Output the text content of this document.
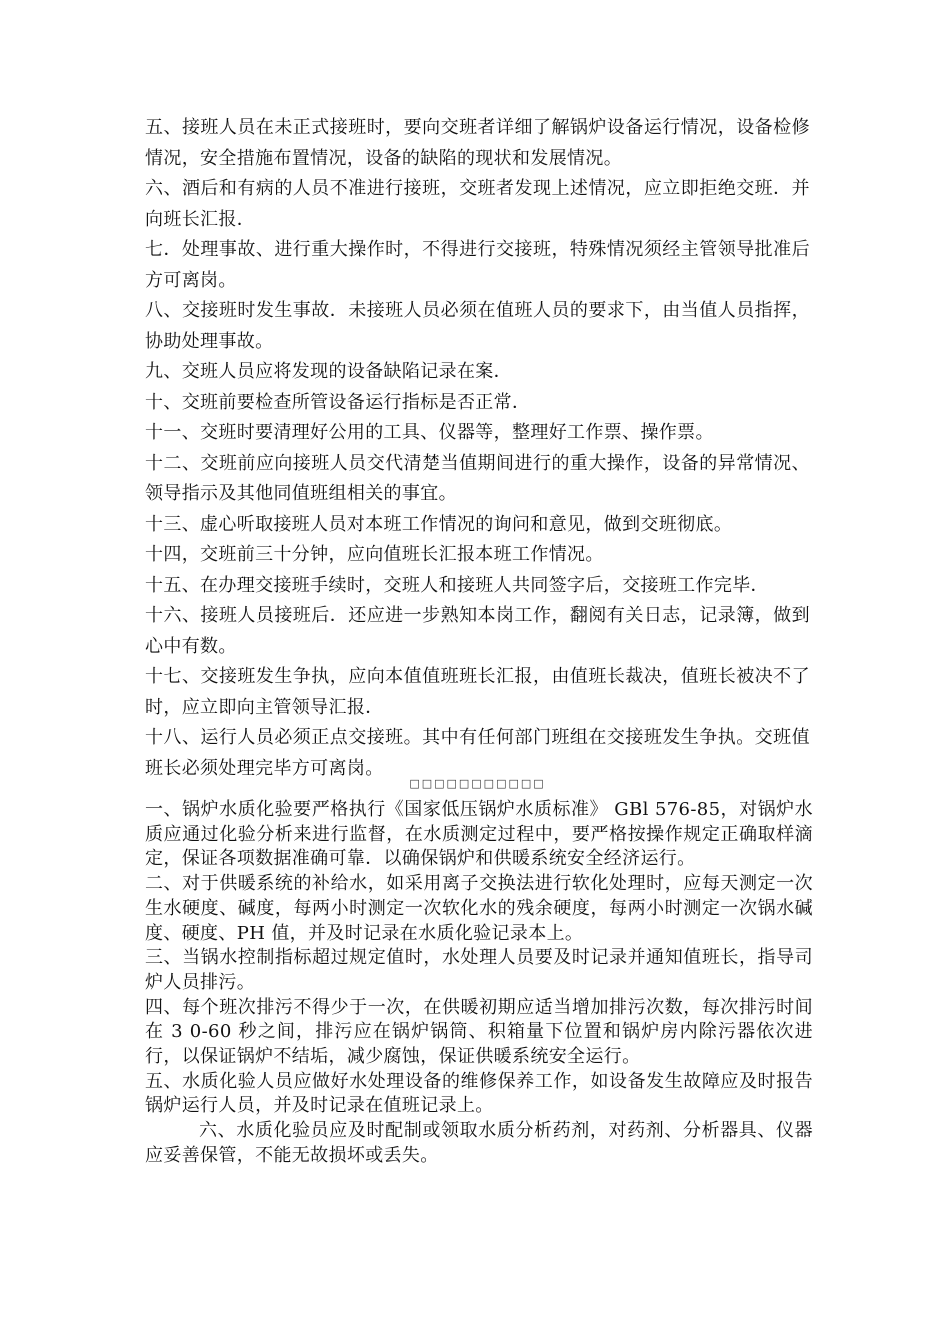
五、接班人员在未正式接班时，要向交班者详细了解锅炉设备运行情况，设备检修情况，安全措施布置情况，设备的缺陷的现状和发展情况。

六、酒后和有病的人员不准进行接班，交班者发现上述情况，应立即拒绝交班．并向班长汇报．

七．处理事故、进行重大操作时，不得进行交接班，特殊情况须经主管领导批准后方可离岗。

八、交接班时发生事故．未接班人员必须在值班人员的要求下，由当值人员指挥，协助处理事故。

九、交班人员应将发现的设备缺陷记录在案．

十、交班前要检查所管设备运行指标是否正常．

十一、交班时要清理好公用的工具、仪器等，整理好工作票、操作票。

十二、交班前应向接班人员交代清楚当值期间进行的重大操作，设备的异常情况、领导指示及其他同值班组相关的事宜。

十三、虚心听取接班人员对本班工作情况的询问和意见，做到交班彻底。

十四，交班前三十分钟，应向值班长汇报本班工作情况。

十五、在办理交接班手续时，交班人和接班人共同签字后，交接班工作完毕．

十六、接班人员接班后．还应进一步熟知本岗工作，翻阅有关日志，记录簿，做到心中有数。

十七、交接班发生争执，应向本值值班班长汇报，由值班长裁决，值班长被决不了时，应立即向主管领导汇报．

十八、运行人员必须正点交接班。其中有任何部门班组在交接班发生争执。交班值班长必须处理完毕方可离岗。

□□□□□□□□□□□

一、锅炉水质化验要严格执行《国家低压锅炉水质标准》 GBl 576-85，对锅炉水质应通过化验分析来进行监督，在水质测定过程中，要严格按操作规定正确取样滴定，保证各项数据准确可靠．以确保锅炉和供暖系统安全经济运行。

二、对于供暖系统的补给水，如采用离子交换法进行软化处理时，应每天测定一次生水硬度、碱度，每两小时测定一次软化水的残余硬度，每两小时测定一次锅水碱度、硬度、PH 值，并及时记录在水质化验记录本上。

三、当锅水控制指标超过规定值时，水处理人员要及时记录并通知值班长，指导司炉人员排污。

四、每个班次排污不得少于一次，在供暖初期应适当增加排污次数，每次排污时间在 3 0-60 秒之间，排污应在锅炉锅筒、积箱量下位置和锅炉房内除污器依次进行，以保证锅炉不结垢，减少腐蚀，保证供暖系统安全运行。

五、水质化验人员应做好水处理设备的维修保养工作，如设备发生故障应及时报告锅炉运行人员，并及时记录在值班记录上。

六、水质化验员应及时配制或领取水质分析药剂，对药剂、分析器具、仪器应妥善保管，不能无故损坏或丢失。
